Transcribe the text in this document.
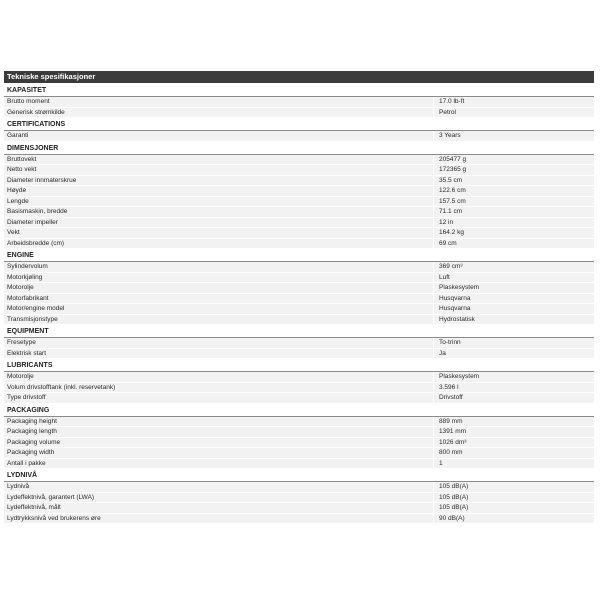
Tekniske spesifikasjoner
KAPASITET
Brutto moment	17.0 lb-ft
Generisk strømkilde	Petrol
CERTIFICATIONS
Garanti	3 Years
DIMENSJONER
Bruttovekt	205477 g
Netto vekt	172365 g
Diameter innmaterskrue	35.5 cm
Høyde	122.6 cm
Lengde	157.5 cm
Basismaskin, bredde	71.1 cm
Diameter impeller	12 in
Vekt	164.2 kg
Arbeidsbredde (cm)	69 cm
ENGINE
Sylindervolum	369 cm³
Motorkjøling	Luft
Motorolje	Plaskesystem
Motorfabrikant	Husqvarna
Motor/engine model	Husqvarna
Transmisjonstype	Hydrostatisk
EQUIPMENT
Fresetype	To-trinn
Elektrisk start	Ja
LUBRICANTS
Motorolje	Plaskesystem
Volum drivstofftank (inkl. reservetank)	3.596 l
Type drivstoff	Drivstoff
PACKAGING
Packaging height	889 mm
Packaging length	1391 mm
Packaging volume	1026 dm³
Packaging width	800 mm
Antall i pakke	1
LYDNIVÅ
Lydnivå	105 dB(A)
Lydeffektnivå, garantert (LWA)	105 dB(A)
Lydeffektnivå, målt	105 dB(A)
Lydtrykksnivå ved brukerens øre	90 dB(A)
